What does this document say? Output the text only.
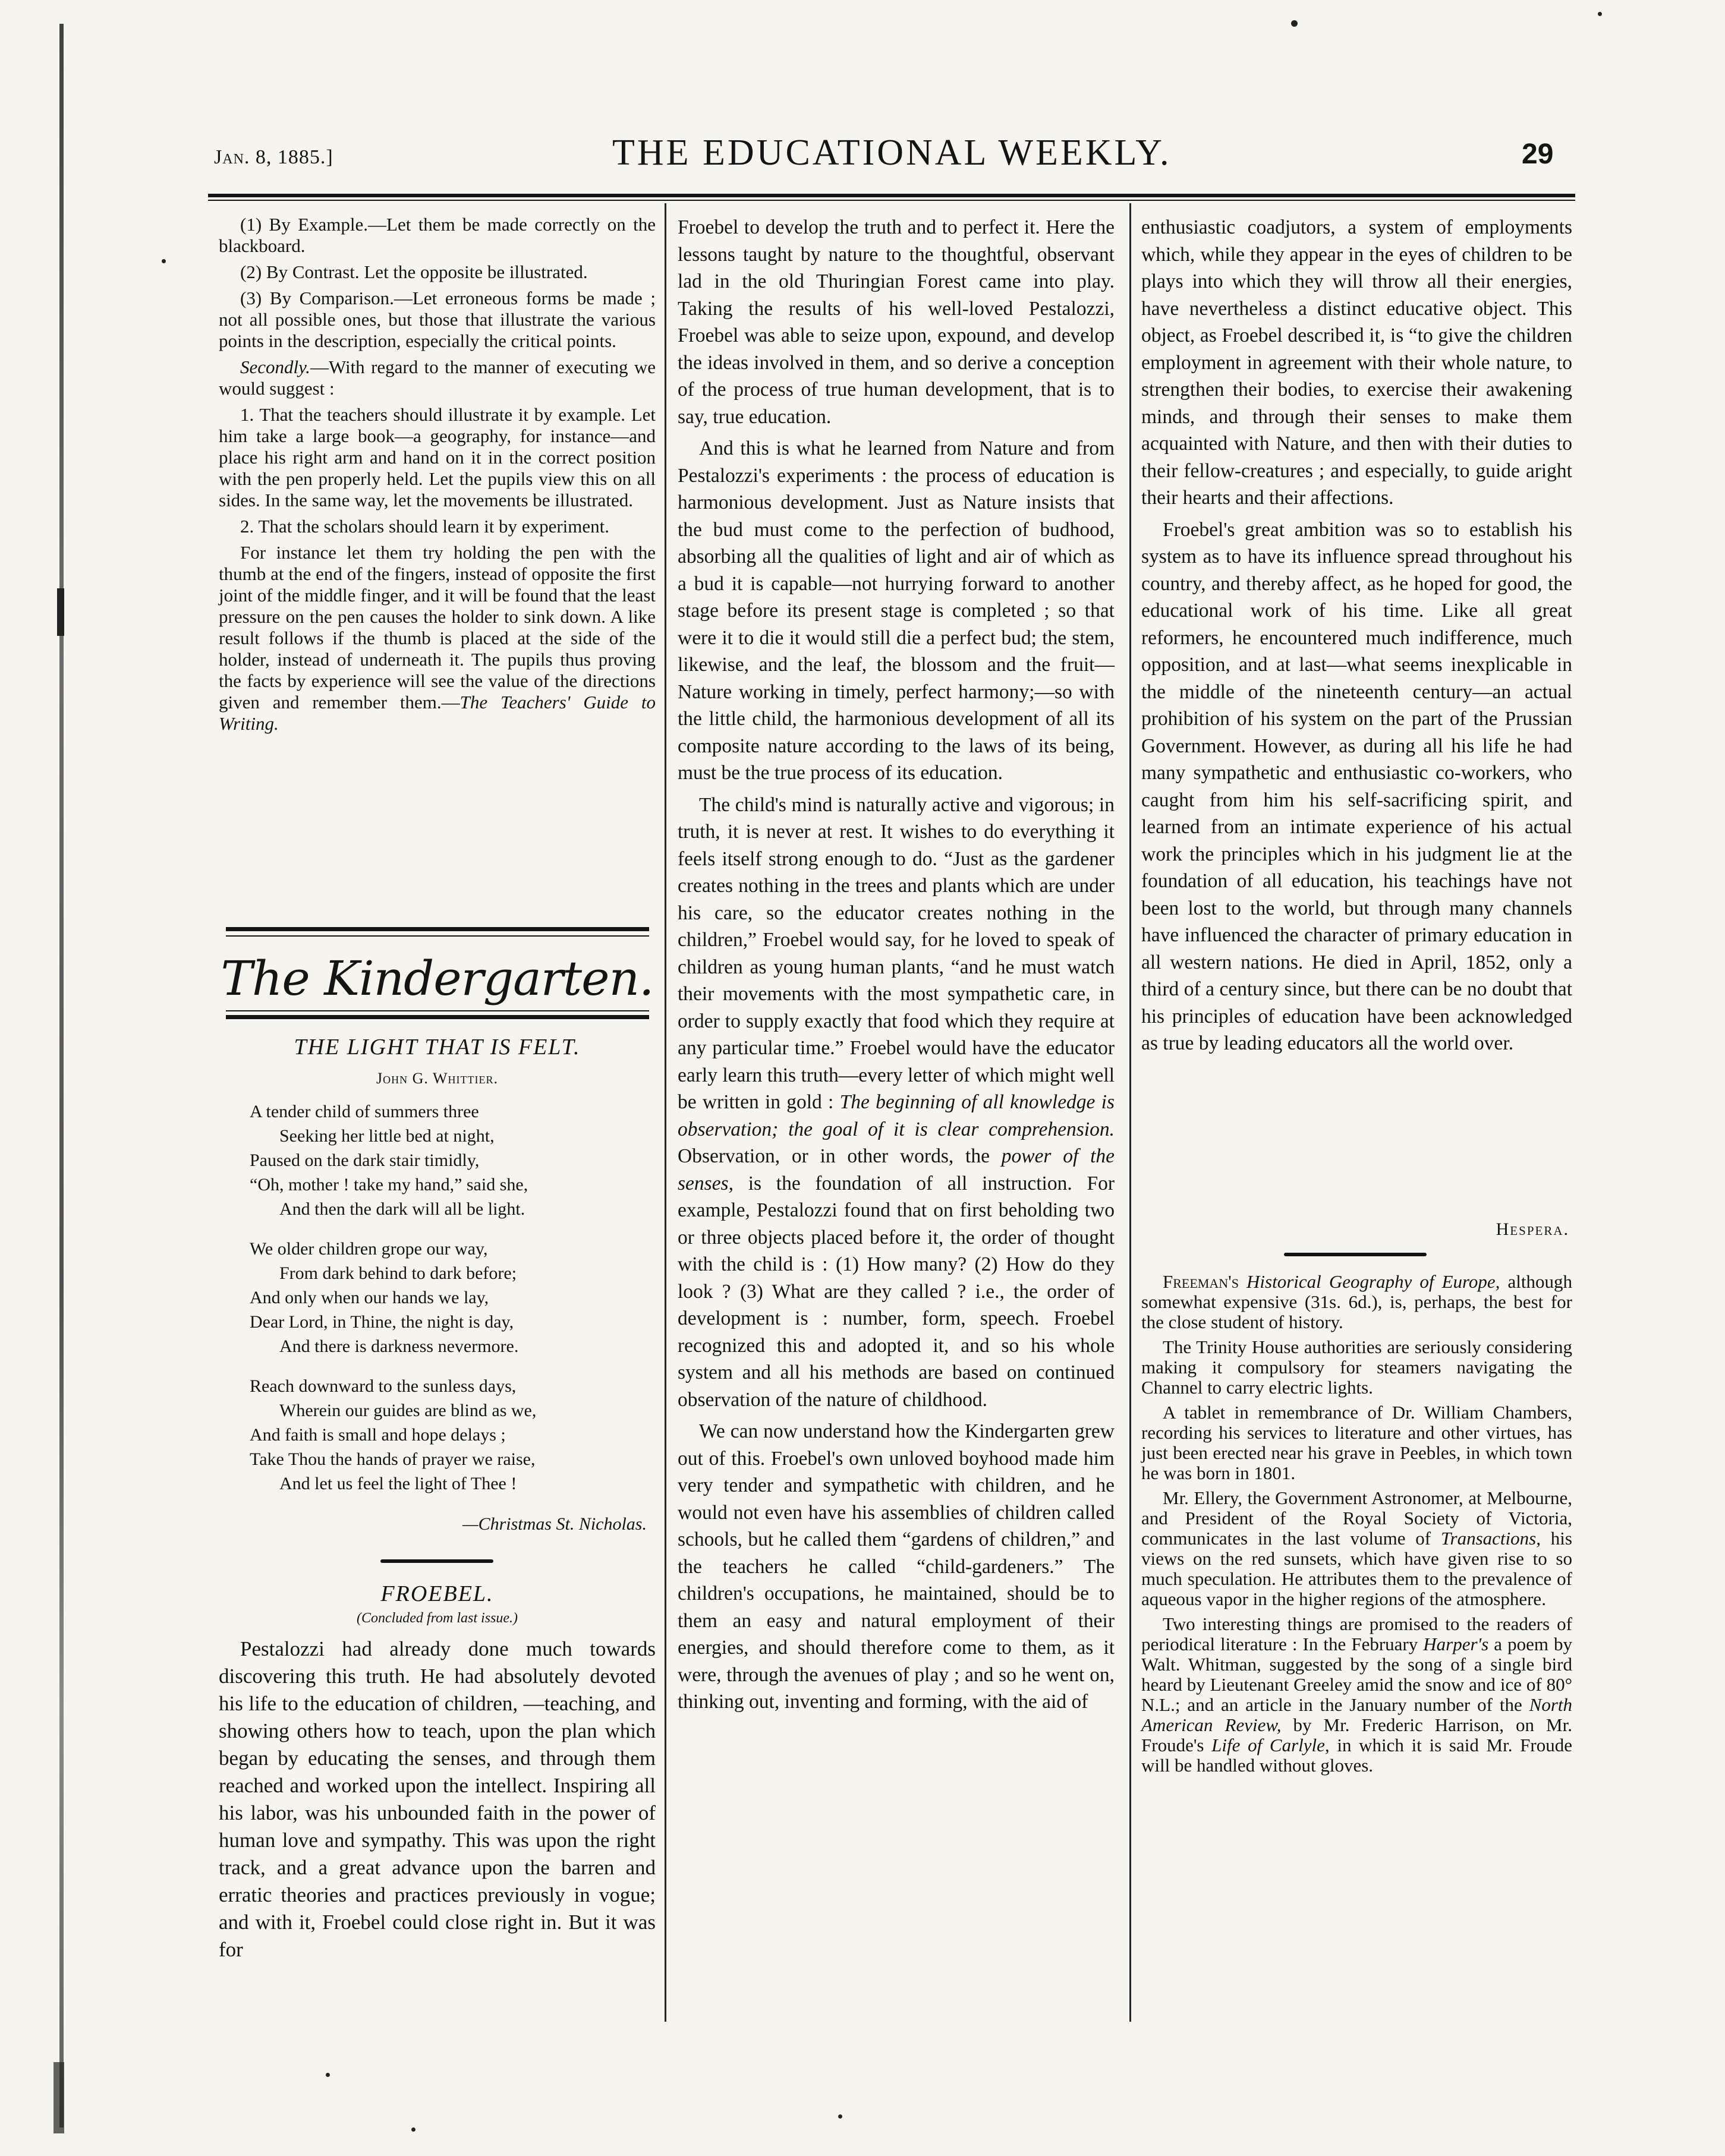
Jan. 8, 1885.]	THE EDUCATIONAL WEEKLY.	29

(1) By Example.—Let them be made correctly on the blackboard.

(2) By Contrast. Let the opposite be illustrated.

(3) By Comparison.—Let erroneous forms be made ; not all possible ones, but those that illustrate the various points in the description, especially the critical points.

Secondly.—With regard to the manner of executing we would suggest :

1. That the teachers should illustrate it by example. Let him take a large book—a geography, for instance—and place his right arm and hand on it in the correct position with the pen properly held. Let the pupils view this on all sides. In the same way, let the movements be illustrated.

2. That the scholars should learn it by experiment.

For instance let them try holding the pen with the thumb at the end of the fingers, instead of opposite the first joint of the middle finger, and it will be found that the least pressure on the pen causes the holder to sink down. A like result follows if the thumb is placed at the side of the holder, instead of underneath it. The pupils thus proving the facts by experience will see the value of the directions given and remember them.—The Teachers' Guide to Writing.

The Kindergarten.
THE LIGHT THAT IS FELT.
John G. Whittier.
A tender child of summers three
Seeking her little bed at night,
Paused on the dark stair timidly,
“Oh, mother ! take my hand,” said she,
And then the dark will all be light.
We older children grope our way,
From dark behind to dark before;
And only when our hands we lay,
Dear Lord, in Thine, the night is day,
And there is darkness nevermore.
Reach downward to the sunless days,
Wherein our guides are blind as we,
And faith is small and hope delays ;
Take Thou the hands of prayer we raise,
And let us feel the light of Thee !
—Christmas St. Nicholas.
FROEBEL.
(Concluded from last issue.)

Pestalozzi had already done much towards discovering this truth. He had absolutely devoted his life to the education of children, —teaching, and showing others how to teach, upon the plan which began by educating the senses, and through them reached and worked upon the intellect. Inspiring all his labor, was his unbounded faith in the power of human love and sympathy. This was upon the right track, and a great advance upon the barren and erratic theories and practices previously in vogue; and with it, Froebel could close right in. But it was for

Froebel to develop the truth and to perfect it. Here the lessons taught by nature to the thoughtful, observant lad in the old Thuringian Forest came into play. Taking the results of his well-loved Pestalozzi, Froebel was able to seize upon, expound, and develop the ideas involved in them, and so derive a conception of the process of true human development, that is to say, true education.

And this is what he learned from Nature and from Pestalozzi's experiments : the process of education is harmonious development. Just as Nature insists that the bud must come to the perfection of budhood, absorbing all the qualities of light and air of which as a bud it is capable—not hurrying forward to another stage before its present stage is completed ; so that were it to die it would still die a perfect bud; the stem, likewise, and the leaf, the blossom and the fruit—Nature working in timely, perfect harmony;—so with the little child, the harmonious development of all its composite nature according to the laws of its being, must be the true process of its education.

The child's mind is naturally active and vigorous; in truth, it is never at rest. It wishes to do everything it feels itself strong enough to do. “Just as the gardener creates nothing in the trees and plants which are under his care, so the educator creates nothing in the children,” Froebel would say, for he loved to speak of children as young human plants, “and he must watch their movements with the most sympathetic care, in order to supply exactly that food which they require at any particular time.” Froebel would have the educator early learn this truth—every letter of which might well be written in gold : The beginning of all knowledge is observation; the goal of it is clear comprehension. Observation, or in other words, the power of the senses, is the foundation of all instruction. For example, Pestalozzi found that on first beholding two or three objects placed before it, the order of thought with the child is : (1) How many? (2) How do they look ? (3) What are they called ? i.e., the order of development is : number, form, speech. Froebel recognized this and adopted it, and so his whole system and all his methods are based on continued observation of the nature of childhood.

We can now understand how the Kindergarten grew out of this. Froebel's own unloved boyhood made him very tender and sympathetic with children, and he would not even have his assemblies of children called schools, but he called them “gardens of children,” and the teachers he called “child-gardeners.” The children's occupations, he maintained, should be to them an easy and natural employment of their energies, and should therefore come to them, as it were, through the avenues of play ; and so he went on, thinking out, inventing and forming, with the aid of

enthusiastic coadjutors, a system of employments which, while they appear in the eyes of children to be plays into which they will throw all their energies, have nevertheless a distinct educative object. This object, as Froebel described it, is “to give the children employment in agreement with their whole nature, to strengthen their bodies, to exercise their awakening minds, and through their senses to make them acquainted with Nature, and then with their duties to their fellow-creatures ; and especially, to guide aright their hearts and their affections.

Froebel's great ambition was so to establish his system as to have its influence spread throughout his country, and thereby affect, as he hoped for good, the educational work of his time. Like all great reformers, he encountered much indifference, much opposition, and at last—what seems inexplicable in the middle of the nineteenth century—an actual prohibition of his system on the part of the Prussian Government. However, as during all his life he had many sympathetic and enthusiastic co-workers, who caught from him his self-sacrificing spirit, and learned from an intimate experience of his actual work the principles which in his judgment lie at the foundation of all education, his teachings have not been lost to the world, but through many channels have influenced the character of primary education in all western nations. He died in April, 1852, only a third of a century since, but there can be no doubt that his principles of education have been acknowledged as true by leading educators all the world over.

Hespera.

Freeman's Historical Geography of Europe, although somewhat expensive (31s. 6d.), is, perhaps, the best for the close student of history.

The Trinity House authorities are seriously considering making it compulsory for steamers navigating the Channel to carry electric lights.

A tablet in remembrance of Dr. William Chambers, recording his services to literature and other virtues, has just been erected near his grave in Peebles, in which town he was born in 1801.

Mr. Ellery, the Government Astronomer, at Melbourne, and President of the Royal Society of Victoria, communicates in the last volume of Transactions, his views on the red sunsets, which have given rise to so much speculation. He attributes them to the prevalence of aqueous vapor in the higher regions of the atmosphere.

Two interesting things are promised to the readers of periodical literature : In the February Harper's a poem by Walt. Whitman, suggested by the song of a single bird heard by Lieutenant Greeley amid the snow and ice of 80° N.L.; and an article in the January number of the North American Review, by Mr. Frederic Harrison, on Mr. Froude's Life of Carlyle, in which it is said Mr. Froude will be handled without gloves.
